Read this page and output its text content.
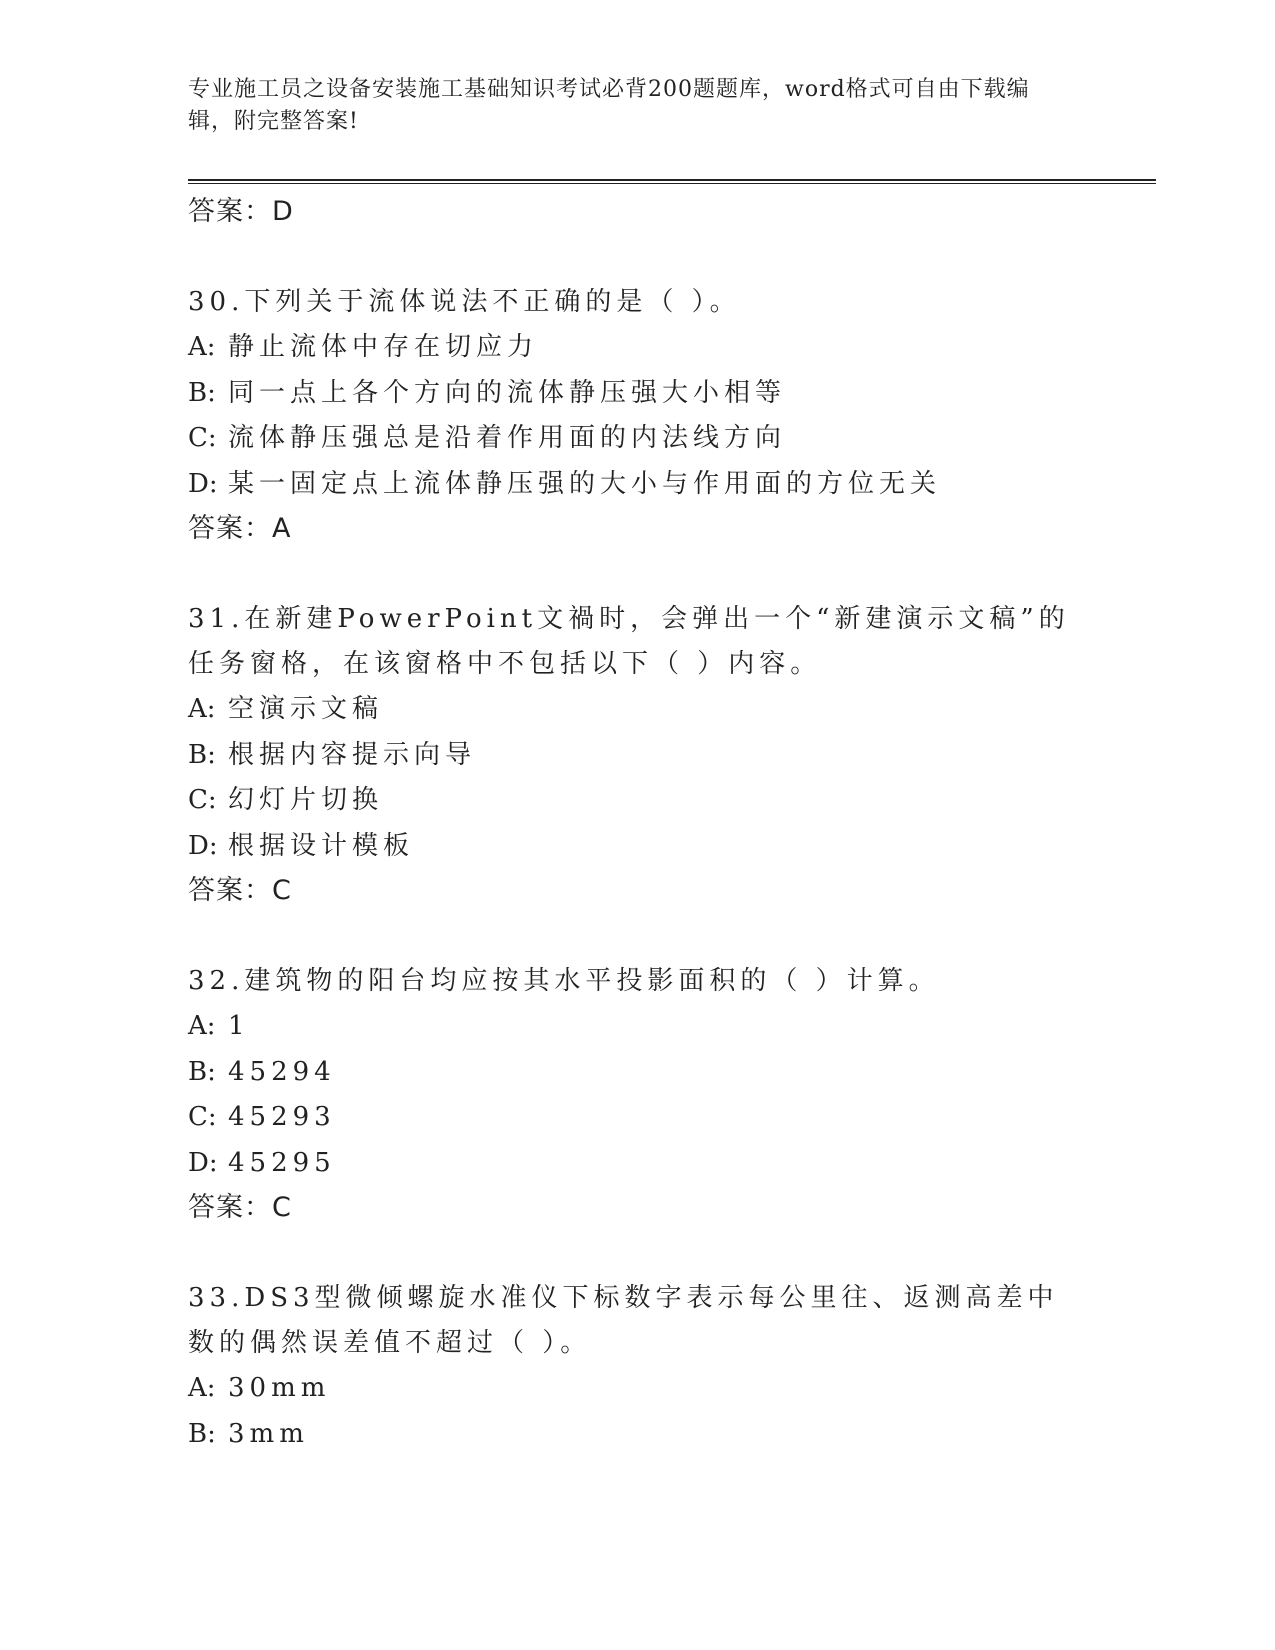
专业施工员之设备安装施工基础知识考试必背200题题库，word格式可自由下载编辑，附完整答案!
答案：D
30.下列关于流体说法不正确的是（ ）。
A: 静止流体中存在切应力
B: 同一点上各个方向的流体静压强大小相等
C: 流体静压强总是沿着作用面的内法线方向
D: 某一固定点上流体静压强的大小与作用面的方位无关
答案：A
31.在新建PowerPoint文禍时，会弹出一个“新建演示文稿”的任务窗格，在该窗格中不包括以下（ ）内容。
A: 空演示文稿
B: 根据内容提示向导
C: 幻灯片切换
D: 根据设计模板
答案：C
32.建筑物的阳台均应按其水平投影面积的（ ）计算。
A: 1
B: 45294
C: 45293
D: 45295
答案：C
33.DS3型微倾螺旋水准仪下标数字表示每公里往、返测高差中数的偶然误差值不超过（ ）。
A: 30mm
B: 3mm
